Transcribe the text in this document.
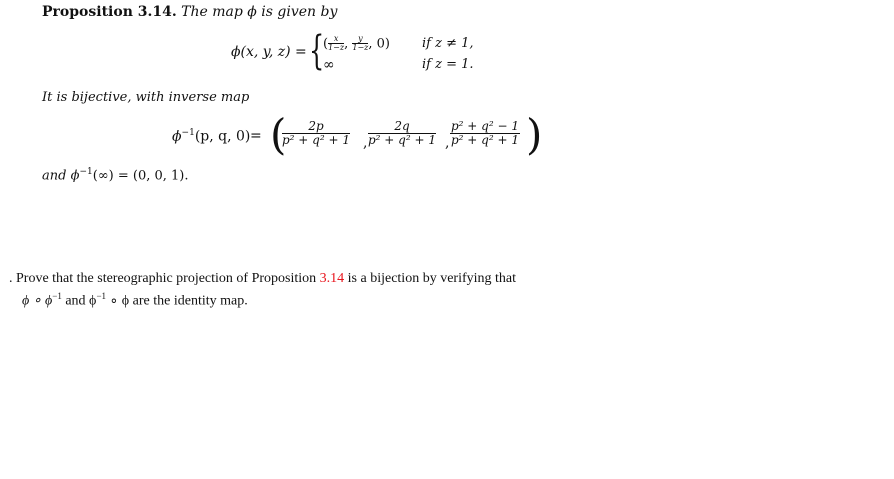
Proposition 3.14. The map ϕ is given by
ϕ(x, y, z) = {
( $\frac{x}{1-z}$ , $\frac{y}{1-z}$ , 0) if z ≠ 1,
∞	if z = 1.
It is bijective, with inverse map
$\phi^{-1}(p$, q, 0) = (
$\frac{2p}{\text{p² + q² + 1}}$ , $\frac{2q}{\text{p² + q² + 1}}$ , $\frac{\text{p² + q² − 1}}{\text{p² + q² + 1}}$ )
and $\phi^{-1}(\infty) = (0$, 0, 1).
. Prove that the stereographic projection of Proposition 3.14 is a bijection by verifying that
ϕ ∘ $\phi^{-1}$ and $\phi^{-1}$ ∘ ϕ are the identity map.
